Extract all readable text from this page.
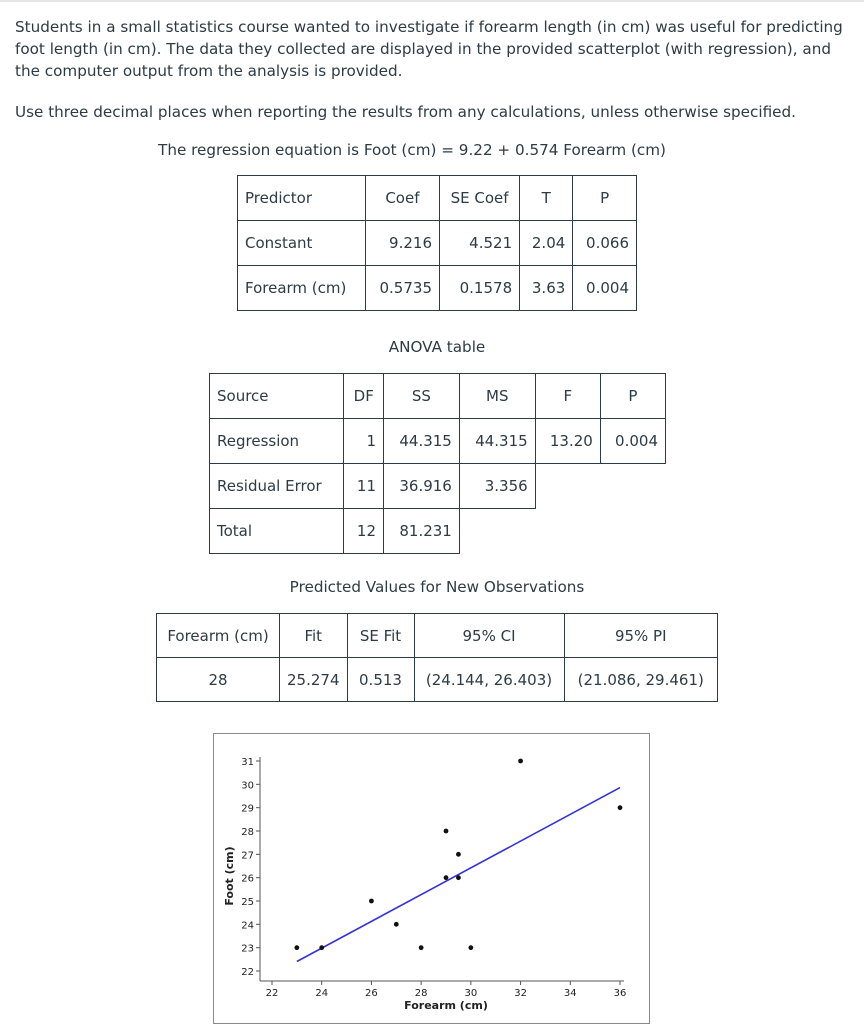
Students in a small statistics course wanted to investigate if forearm length (in cm) was useful for predicting foot length (in cm). The data they collected are displayed in the provided scatterplot (with regression), and the computer output from the analysis is provided.

Use three decimal places when reporting the results from any calculations, unless otherwise specified.

The regression equation is Foot (cm) = 9.22 + 0.574 Forearm (cm)

Predictor	Coef	SE Coef	T	P
Constant	9.216	4.521	2.04	0.066
Forearm (cm)	0.5735	0.1578	3.63	0.004

ANOVA table

Source	DF	SS	MS	F	P
Regression	1	44.315	44.315	13.20	0.004
Residual Error	11	36.916	3.356		
Total	12	81.231			

Predicted Values for New Observations

Forearm (cm)	Fit	SE Fit	95% CI	95% PI
28	25.274	0.513	(24.144, 26.403)	(21.086, 29.461)
22
23
24
25
26
27
28
29
30
31
22	24	26	28	30	32	34	36
Forearm (cm)
Foot (cm)
